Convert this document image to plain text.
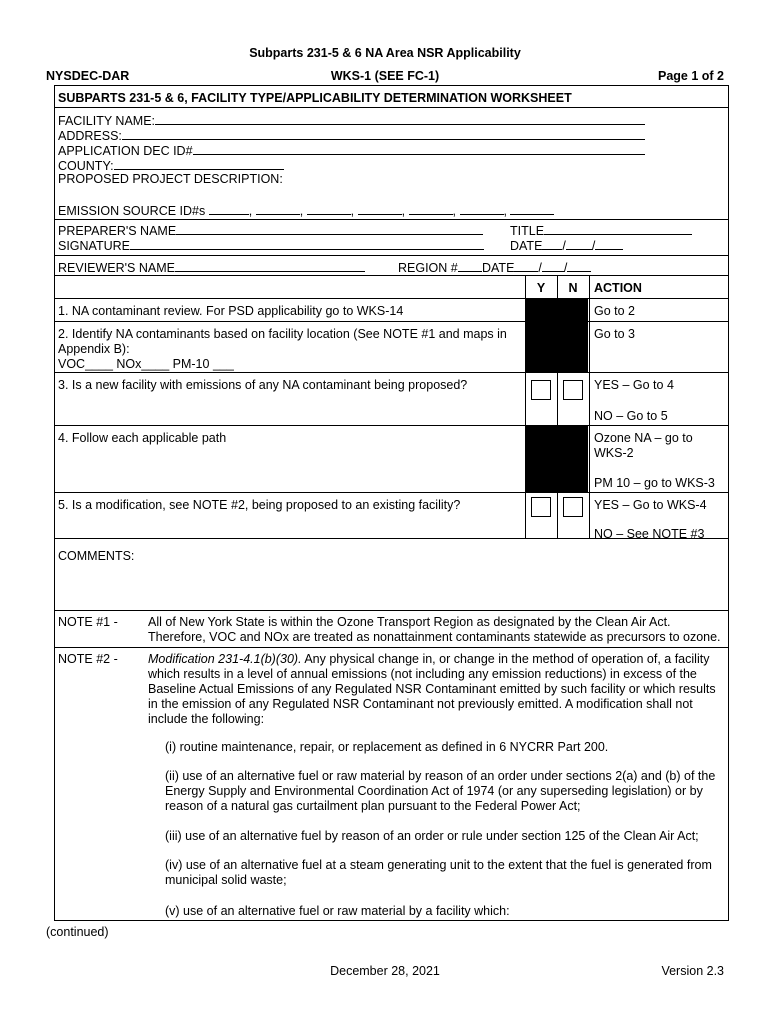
Subparts 231-5 & 6 NA Area NSR Applicability
NYSDEC-DAR	WKS-1 (SEE FC-1)	Page 1 of 2
SUBPARTS 231-5 & 6, FACILITY TYPE/APPLICABILITY DETERMINATION WORKSHEET
FACILITY NAME:
ADDRESS:
APPLICATION DEC ID#
COUNTY:
PROPOSED PROJECT DESCRIPTION:
EMISSION SOURCE ID#s	,	,	,	,	,	,
PREPARER'S NAME	TITLE
SIGNATURE	DATE / /
REVIEWER'S NAME	REGION #	DATE / /
Y	N	ACTION
1. NA contaminant review. For PSD applicability go to WKS-14	Go to 2
2. Identify NA contaminants based on facility location (See NOTE #1 and maps in Appendix B):
VOC____ NOx____ PM-10 ___
Go to 3
3. Is a new facility with emissions of any NA contaminant being proposed?	YES – Go to 4
NO – Go to 5
4. Follow each applicable path	Ozone NA – go to WKS-2
PM 10 – go to WKS-3
5. Is a modification, see NOTE #2, being proposed to an existing facility?	YES – Go to WKS-4
NO – See NOTE #3
COMMENTS:
NOTE #1 - All of New York State is within the Ozone Transport Region as designated by the Clean Air Act. Therefore, VOC and NOx are treated as nonattainment contaminants statewide as precursors to ozone.
NOTE #2 - Modification 231-4.1(b)(30). Any physical change in, or change in the method of operation of, a facility which results in a level of annual emissions (not including any emission reductions) in excess of the Baseline Actual Emissions of any Regulated NSR Contaminant emitted by such facility or which results in the emission of any Regulated NSR Contaminant not previously emitted. A modification shall not include the following:
(i) routine maintenance, repair, or replacement as defined in 6 NYCRR Part 200.
(ii) use of an alternative fuel or raw material by reason of an order under sections 2(a) and (b) of the Energy Supply and Environmental Coordination Act of 1974 (or any superseding legislation) or by reason of a natural gas curtailment plan pursuant to the Federal Power Act;
(iii) use of an alternative fuel by reason of an order or rule under section 125 of the Clean Air Act;
(iv) use of an alternative fuel at a steam generating unit to the extent that the fuel is generated from municipal solid waste;
(v) use of an alternative fuel or raw material by a facility which:
(continued)
December 28, 2021	Version 2.3
